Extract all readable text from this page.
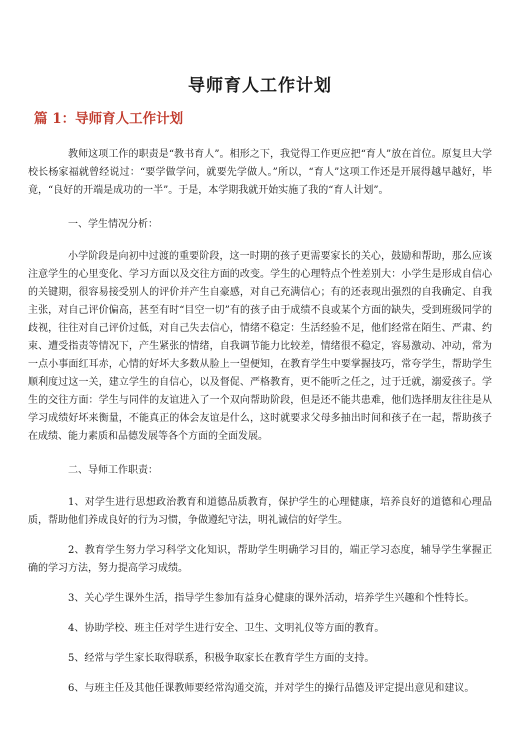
导师育人工作计划
篇 1：导师育人工作计划

教师这项工作的职责是“教书育人”。相形之下，我觉得工作更应把“育人”放在首位。原复旦大学校长杨家福就曾经说过：“要学做学问，就要先学做人。”所以，“育人”这项工作还是开展得越早越好，毕竟，“良好的开端是成功的一半”。于是，本学期我就开始实施了我的“育人计划”。

一、学生情况分析：

小学阶段是向初中过渡的重要阶段，这一时期的孩子更需要家长的关心，鼓励和帮助，那么应该注意学生的心里变化、学习方面以及交往方面的改变。学生的心理特点个性差别大：小学生是形成自信心的关键期，很容易接受别人的评价并产生自豪感，对自己充满信心；有的还表现出强烈的自我确定、自我主张，对自己评价偏高，甚至有时“目空一切”有的孩子由于成绩不良或某个方面的缺失，受到班级同学的歧视，往往对自己评价过低，对自己失去信心，情绪不稳定：生活经验不足，他们经常在陌生、严肃、约束、遭受指责等情况下，产生紧张的情绪，自我调节能力比较差，情绪很不稳定，容易激动、冲动，常为一点小事面红耳赤，心情的好坏大多数从脸上一望便知，在教育学生中要掌握技巧，常夸学生，帮助学生顺利度过这一关，建立学生的自信心，以及督促、严格教育，更不能听之任之，过于迁就，溺爱孩子。学生的交往方面：学生与同伴的友谊进入了一个双向帮助阶段，但是还不能共患难，他们选择朋友往往是从学习成绩好坏来衡量，不能真正的体会友谊是什么，这时就要求父母多抽出时间和孩子在一起，帮助孩子在成绩、能力素质和品德发展等各个方面的全面发展。

二、导师工作职责：

1、对学生进行思想政治教育和道德品质教育，保护学生的心理健康，培养良好的道德和心理品质，帮助他们养成良好的行为习惯，争做遵纪守法，明礼诚信的好学生。

2、教育学生努力学习科学文化知识，帮助学生明确学习目的，端正学习态度，辅导学生掌握正确的学习方法，努力提高学习成绩。

3、关心学生课外生活，指导学生参加有益身心健康的课外活动，培养学生兴趣和个性特长。

4、协助学校、班主任对学生进行安全、卫生、文明礼仪等方面的教育。

5、经常与学生家长取得联系，积极争取家长在教育学生方面的支持。

6、与班主任及其他任课教师要经常沟通交流，并对学生的操行品德及评定提出意见和建议。
